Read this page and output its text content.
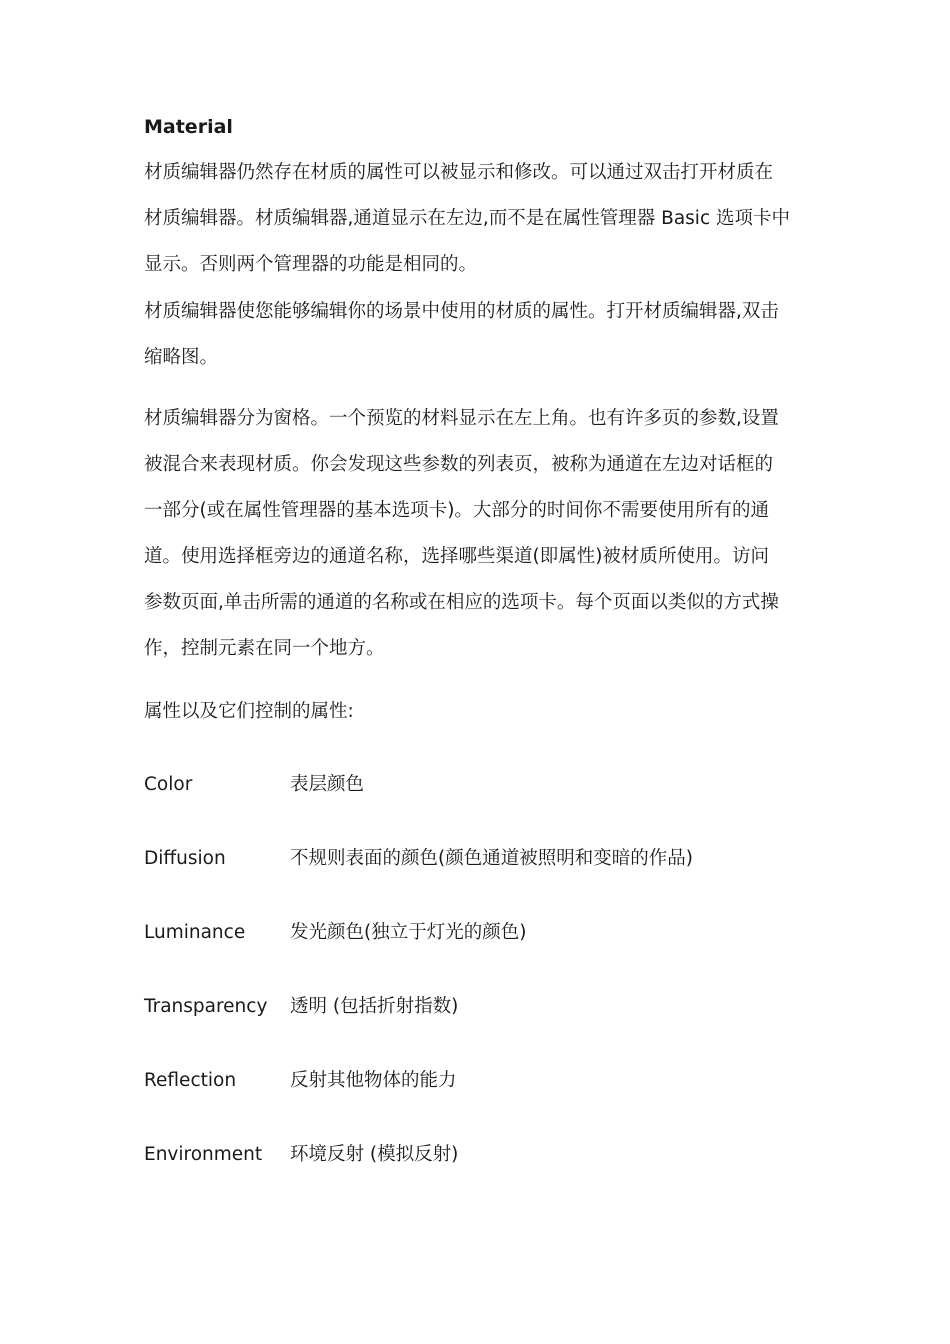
Material
材质编辑器仍然存在材质的属性可以被显示和修改。可以通过双击打开材质在
材质编辑器。材质编辑器,通道显示在左边,而不是在属性管理器 Basic 选项卡中
显示。否则两个管理器的功能是相同的。
材质编辑器使您能够编辑你的场景中使用的材质的属性。打开材质编辑器,双击
缩略图。
材质编辑器分为窗格。一个预览的材料显示在左上角。也有许多页的参数,设置
被混合来表现材质。你会发现这些参数的列表页，被称为通道在左边对话框的
一部分(或在属性管理器的基本选项卡)。大部分的时间你不需要使用所有的通
道。使用选择框旁边的通道名称，选择哪些渠道(即属性)被材质所使用。访问
参数页面,单击所需的通道的名称或在相应的选项卡。每个页面以类似的方式操
作，控制元素在同一个地方。
属性以及它们控制的属性:
Color	表层颜色
Diffusion	不规则表面的颜色(颜色通道被照明和变暗的作品)
Luminance 发光颜色(独立于灯光的颜色)
Transparency 透明 (包括折射指数)
Reflection	反射其他物体的能力
Environment 环境反射 (模拟反射)
